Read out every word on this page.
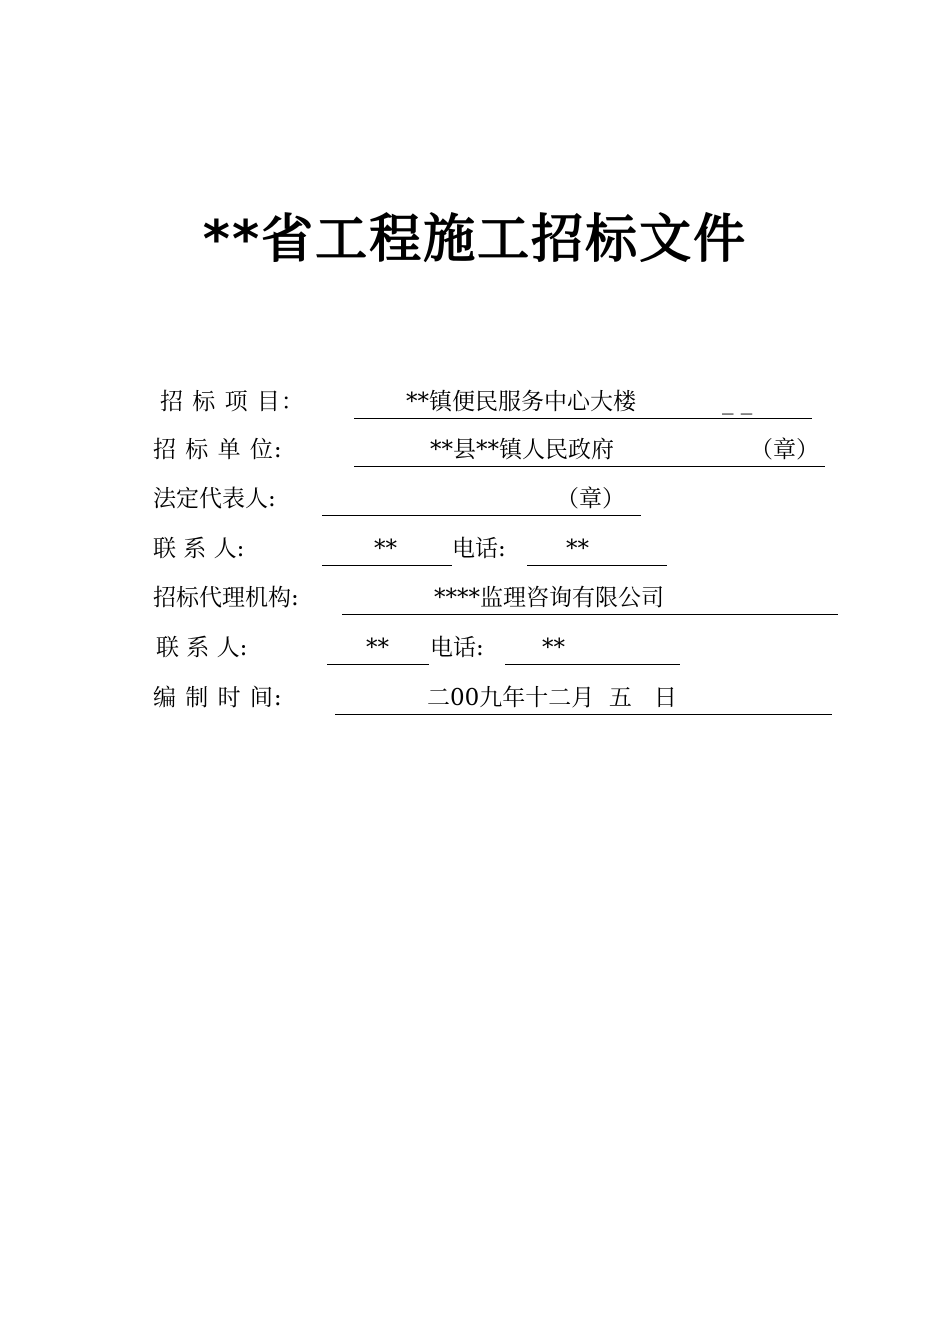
**省工程施工招标文件
招 标 项 目：	**镇便民服务中心大楼	_ _
招 标 单 位:	**县**镇人民政府	（章）
法定代表人:	（章）
联 系 人:	** 电话:	**
招标代理机构:	****监理咨询有限公司
联 系 人:	** 电话:	**
编 制 时 间:	二00九年十二月  五   日
